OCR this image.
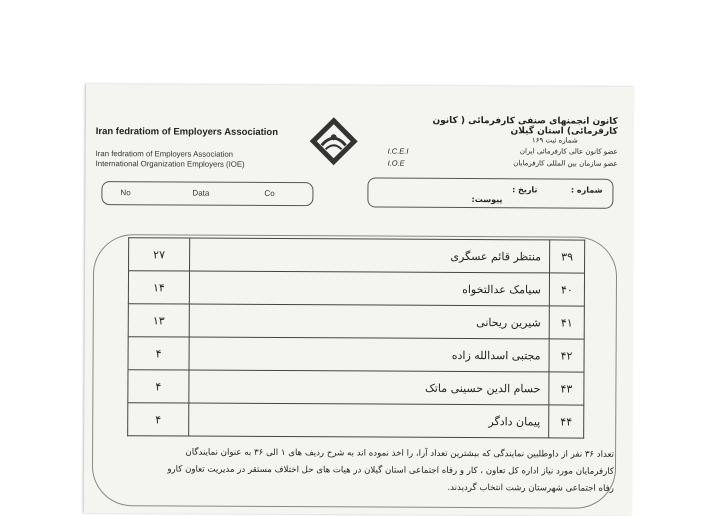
Iran fedratiom of Employers Association
Iran fedratiom of Employers Association
International Organization Employers (IOE)
کانون انجمنهای صنفی کارفرمائی ( کانون کارفرمائی) استان گیلان
شماره ثبت ۱۶۹
عضو کانون عالی کارفرمائی ایران
I.C.E.I
عضو سازمان بین المللی کارفرمایان
I.O.E
No	Data	Co	شماره :
تاریخ :
پیوست:
۳۹	منتظر قائم عسگری	۲۷
۴۰	سیامک عدالتخواه	۱۴
۴۱	شیرین ریحانی	۱۳
۴۲	مجتبی اسدالله زاده	۴
۴۳	حسام الدین حسینی ماتک	۴
۴۴	پیمان دادگر	۴
تعداد ۳۶ نفر از داوطلبین نمایندگی که بیشترین تعداد آرا، را اخذ نموده اند به شرح ردیف های ۱ الی ۳۶ به عنوان نمایندگان
کارفرمایان مورد نیاز اداره کل تعاون ، کار و رفاه اجتماعی استان گیلان در هیات های حل اختلاف مستقر در مدیریت تعاون کارو
رفاه اجتماعی شهرستان رشت انتخاب گردیدند.
